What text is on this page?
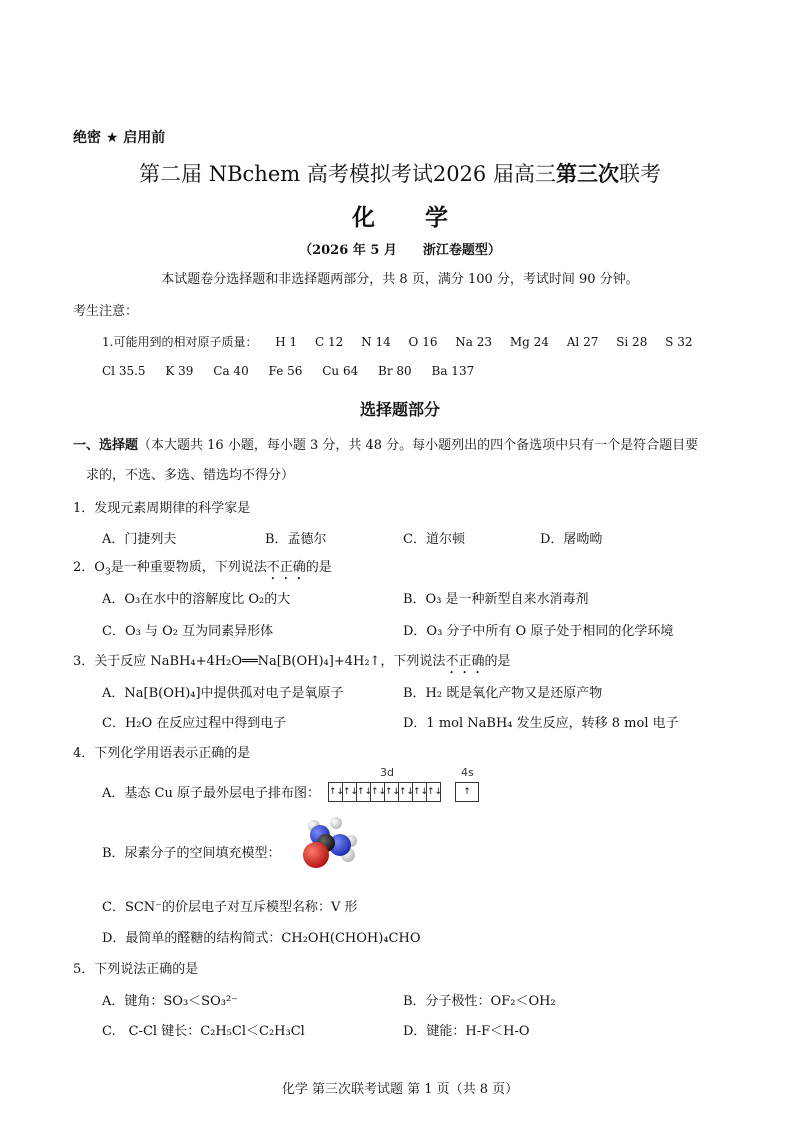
绝密 ★ 启用前
第二届 NBchem 高考模拟考试2026 届高三第三次联考
化学
（2026 年 5 月　　浙江卷题型）
本试题卷分选择题和非选择题两部分，共 8 页，满分 100 分，考试时间 90 分钟。
考生注意：
1.可能用到的相对原子质量： H 1 C 12 N 14 O 16 Na 23 Mg 24 Al 27 Si 28 S 32
Cl 35.5 K 39 Ca 40 Fe 56 Cu 64 Br 80 Ba 137
选择题部分
一、选择题（本大题共 16 小题，每小题 3 分，共 48 分。每小题列出的四个备选项中只有一个是符合题目要
求的，不选、多选、错选均不得分）
1．发现元素周期律的科学家是
A．门捷列夫	B．孟德尔	C．道尔顿	D．屠呦呦
2．$O_3$是一种重要物质，下列说法不正确的是
A．O₃在水中的溶解度比 O₂的大	B．O₃ 是一种新型自来水消毒剂
C．O₃ 与 O₂ 互为同素异形体	D．O₃ 分子中所有 O 原子处于相同的化学环境
3．关于反应 NaBH₄+4H₂O══Na[B(OH)₄]+4H₂↑，下列说法不正确的是
A．Na[B(OH)₄]中提供孤对电子是氧原子	B．H₂ 既是氧化产物又是还原产物
C．H₂O 在反应过程中得到电子	D．1 mol NaBH₄ 发生反应，转移 8 mol 电子
4．下列化学用语表示正确的是
A．基态 Cu 原子最外层电子排布图：
3d	4s
↑↓
↑↓
↑↓
↑↓
↑↓
↑↓
↑↓
↑↓	↑
B．尿素分子的空间填充模型：
C．SCN⁻的价层电子对互斥模型名称：V 形
D．最简单的醛糖的结构简式：CH₂OH(CHOH)₄CHO
5．下列说法正确的是
A．键角：SO₃＜SO₃²⁻	B．分子极性：OF₂＜OH₂
C.　C-Cl 键长：C₂H₅Cl＜C₂H₃Cl	D．键能：H-F＜H-O
化学 第三次联考试题 第 1 页（共 8 页）
